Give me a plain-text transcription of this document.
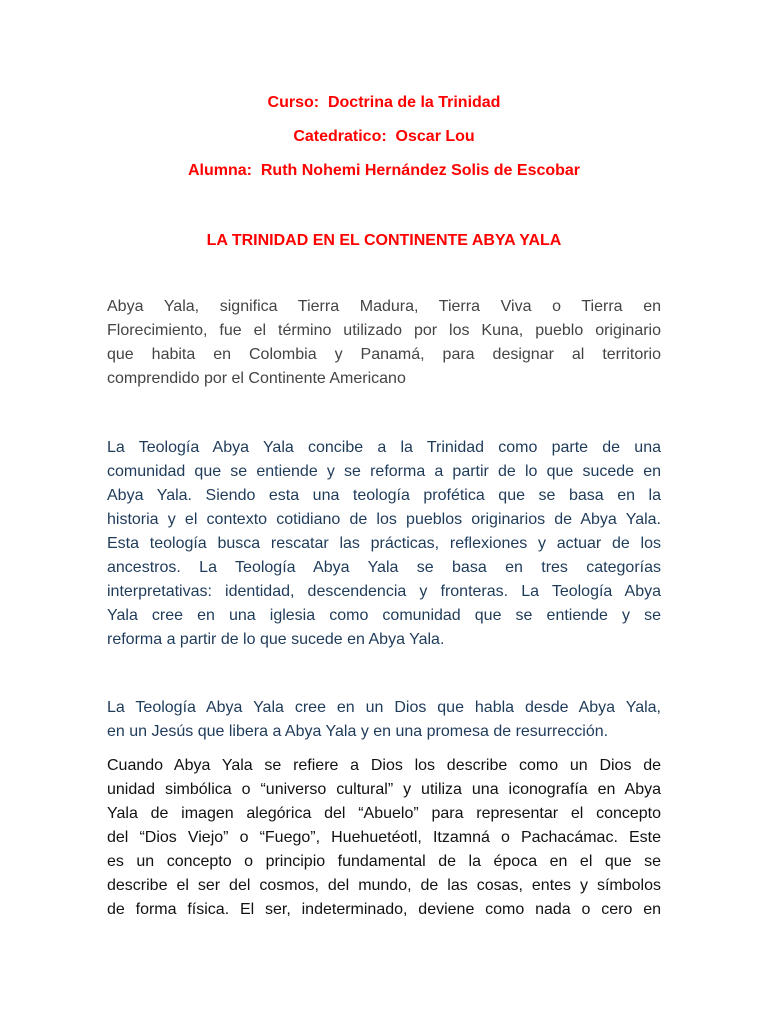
Curso:  Doctrina de la Trinidad
Catedratico:  Oscar Lou
Alumna:  Ruth Nohemi Hernández Solis de Escobar
LA TRINIDAD EN EL CONTINENTE ABYA YALA
Abya Yala, significa Tierra Madura, Tierra Viva o Tierra en
Florecimiento, fue el término utilizado por los Kuna, pueblo originario
que habita en Colombia y Panamá, para designar al territorio
comprendido por el Continente Americano
La Teología Abya Yala concibe a la Trinidad como parte de una
comunidad que se entiende y se reforma a partir de lo que sucede en
Abya Yala. Siendo esta una teología profética que se basa en la
historia y el contexto cotidiano de los pueblos originarios de Abya Yala.
Esta teología busca rescatar las prácticas, reflexiones y actuar de los
ancestros. La Teología Abya Yala se basa en tres categorías
interpretativas: identidad, descendencia y fronteras. La Teología Abya
Yala cree en una iglesia como comunidad que se entiende y se
reforma a partir de lo que sucede en Abya Yala.
La Teología Abya Yala cree en un Dios que habla desde Abya Yala,
en un Jesús que libera a Abya Yala y en una promesa de resurrección.
Cuando Abya Yala se refiere a Dios los describe como un Dios de
unidad simbólica o “universo cultural” y utiliza una iconografía en Abya
Yala de imagen alegórica del “Abuelo” para representar el concepto
del “Dios Viejo” o “Fuego”, Huehuetéotl, Itzamná o Pachacámac. Este
es un concepto o principio fundamental de la época en el que se
describe el ser del cosmos, del mundo, de las cosas, entes y símbolos
de forma física. El ser, indeterminado, deviene como nada o cero en
